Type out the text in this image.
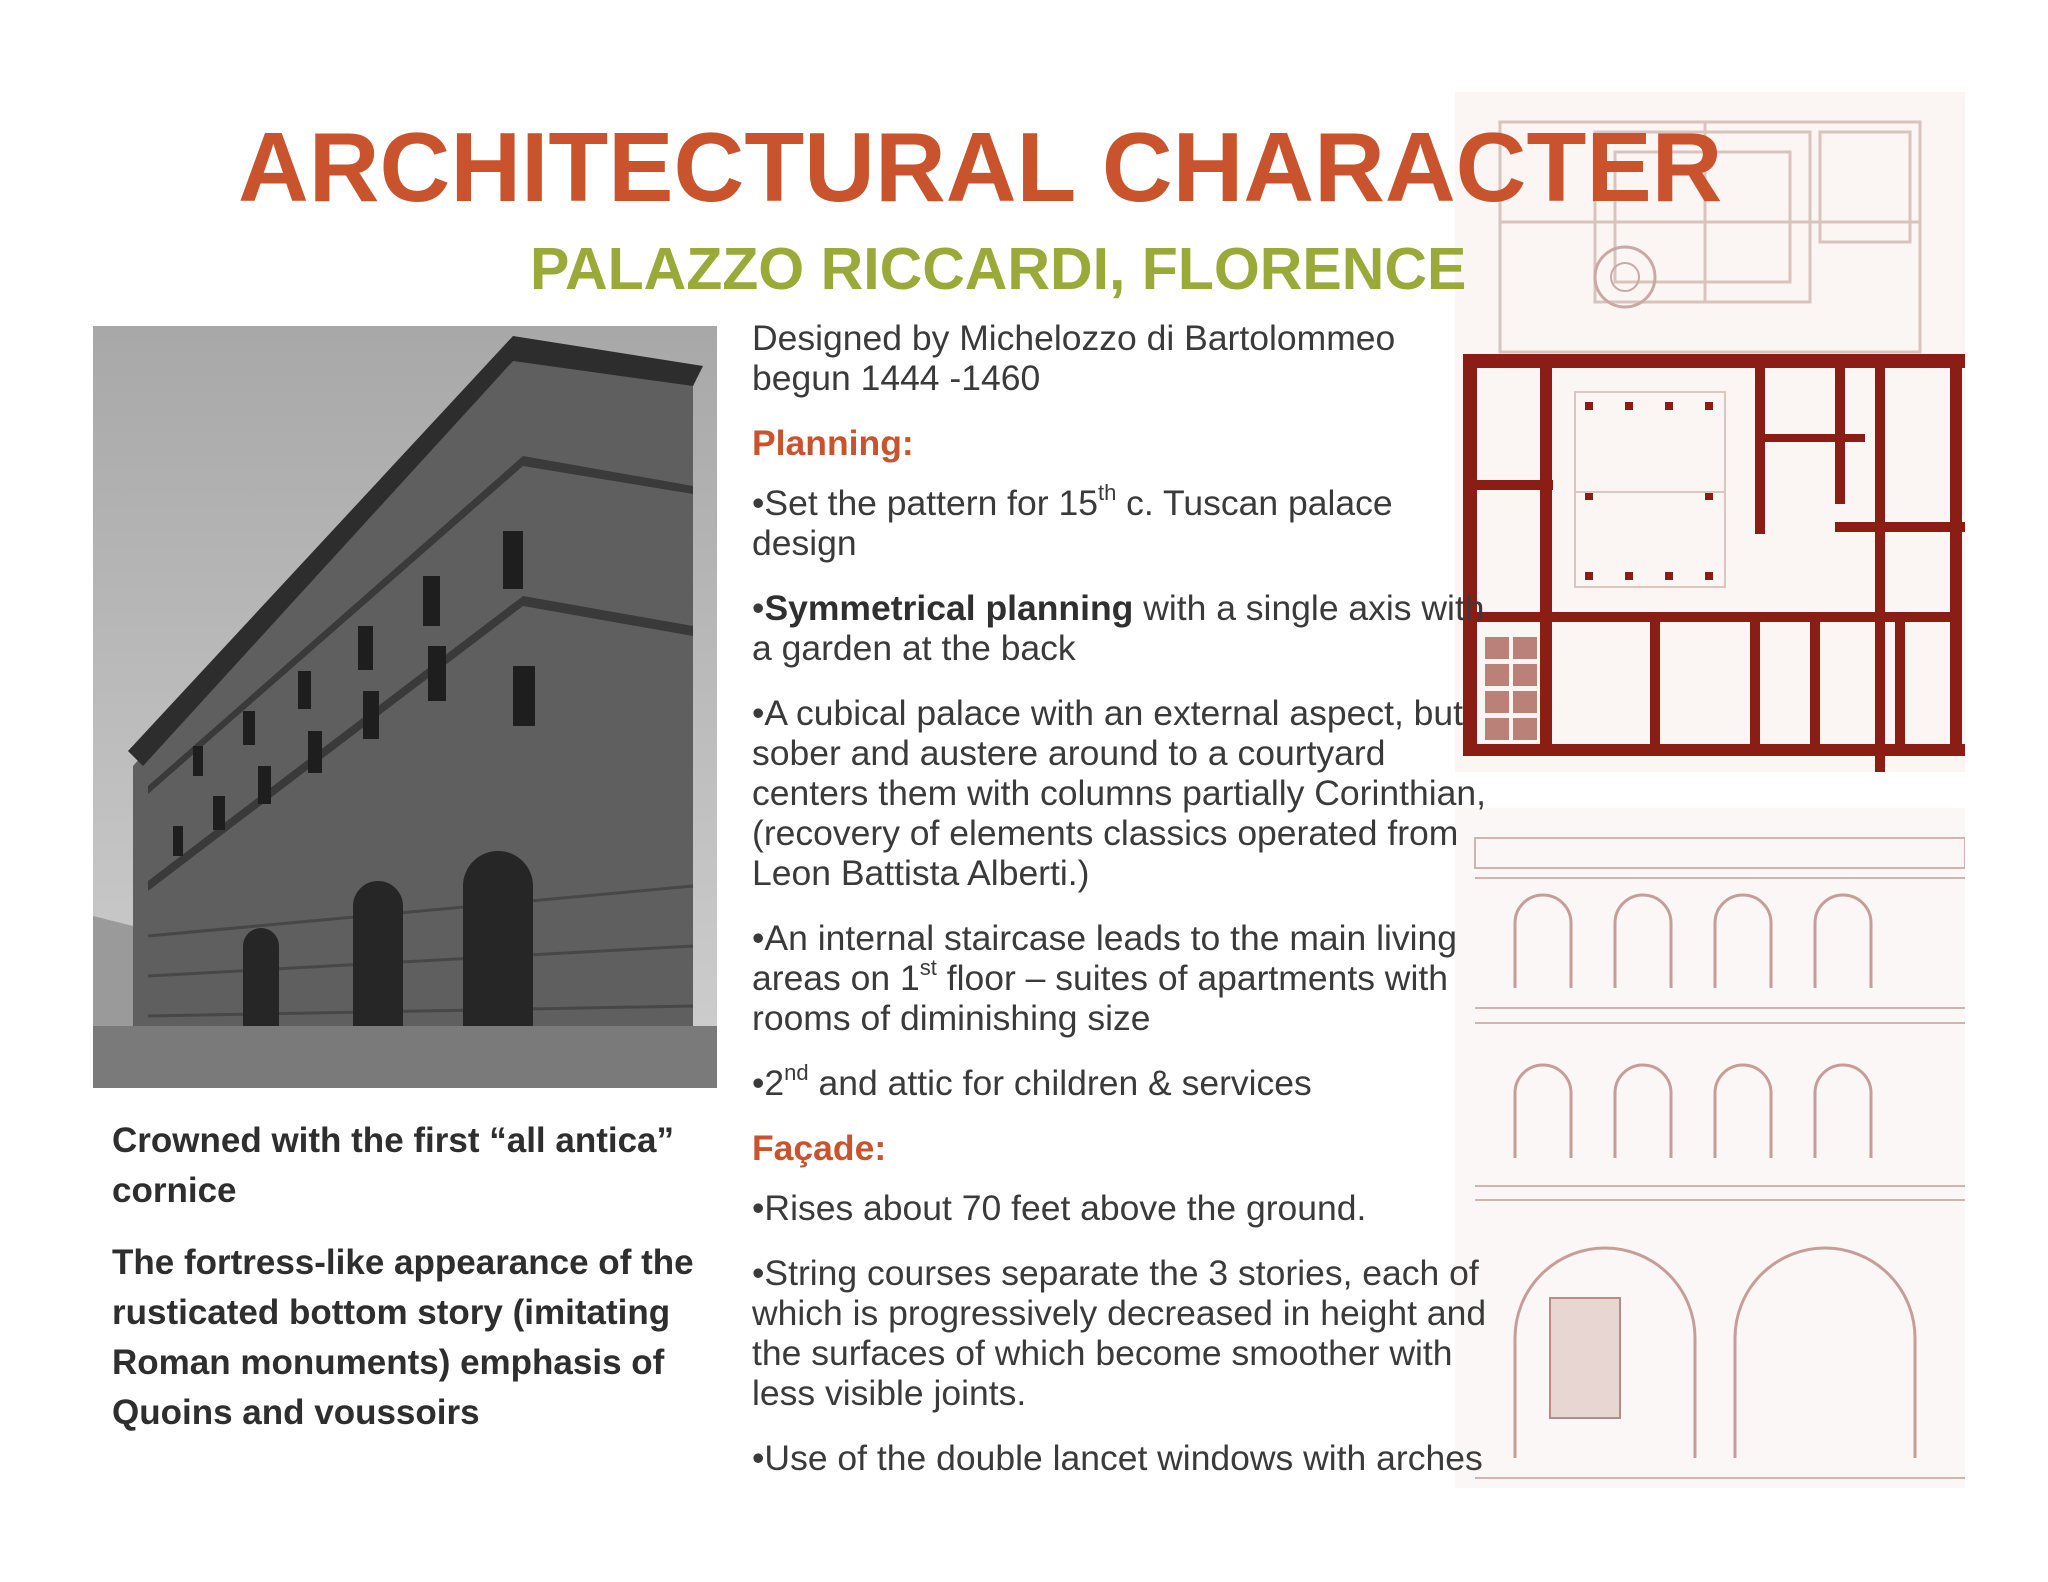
ARCHITECTURAL CHARACTER
PALAZZO RICCARDI, FLORENCE

Crowned with the first “all antica” cornice

The fortress-like appearance of the rusticated bottom story (imitating Roman monuments) emphasis of Quoins and voussoirs

Designed by Michelozzo di Bartolommeo
begun 1444 -1460

Planning:

•Set the pattern for 15th c. Tuscan palace design

•Symmetrical planning with a single axis with a garden at the back

•A cubical palace with an external aspect, but sober and austere around to a courtyard centers them with columns partially Corinthian, (recovery of elements classics operated from Leon Battista Alberti.)

•An internal staircase leads to the main living areas on 1st floor – suites of apartments with rooms of diminishing size

•2nd and attic for children & services

Façade:

•Rises about 70 feet above the ground.

•String courses separate the 3 stories, each of which is progressively decreased in height and the surfaces of which become smoother with less visible joints.

•Use of the double lancet windows with arches
